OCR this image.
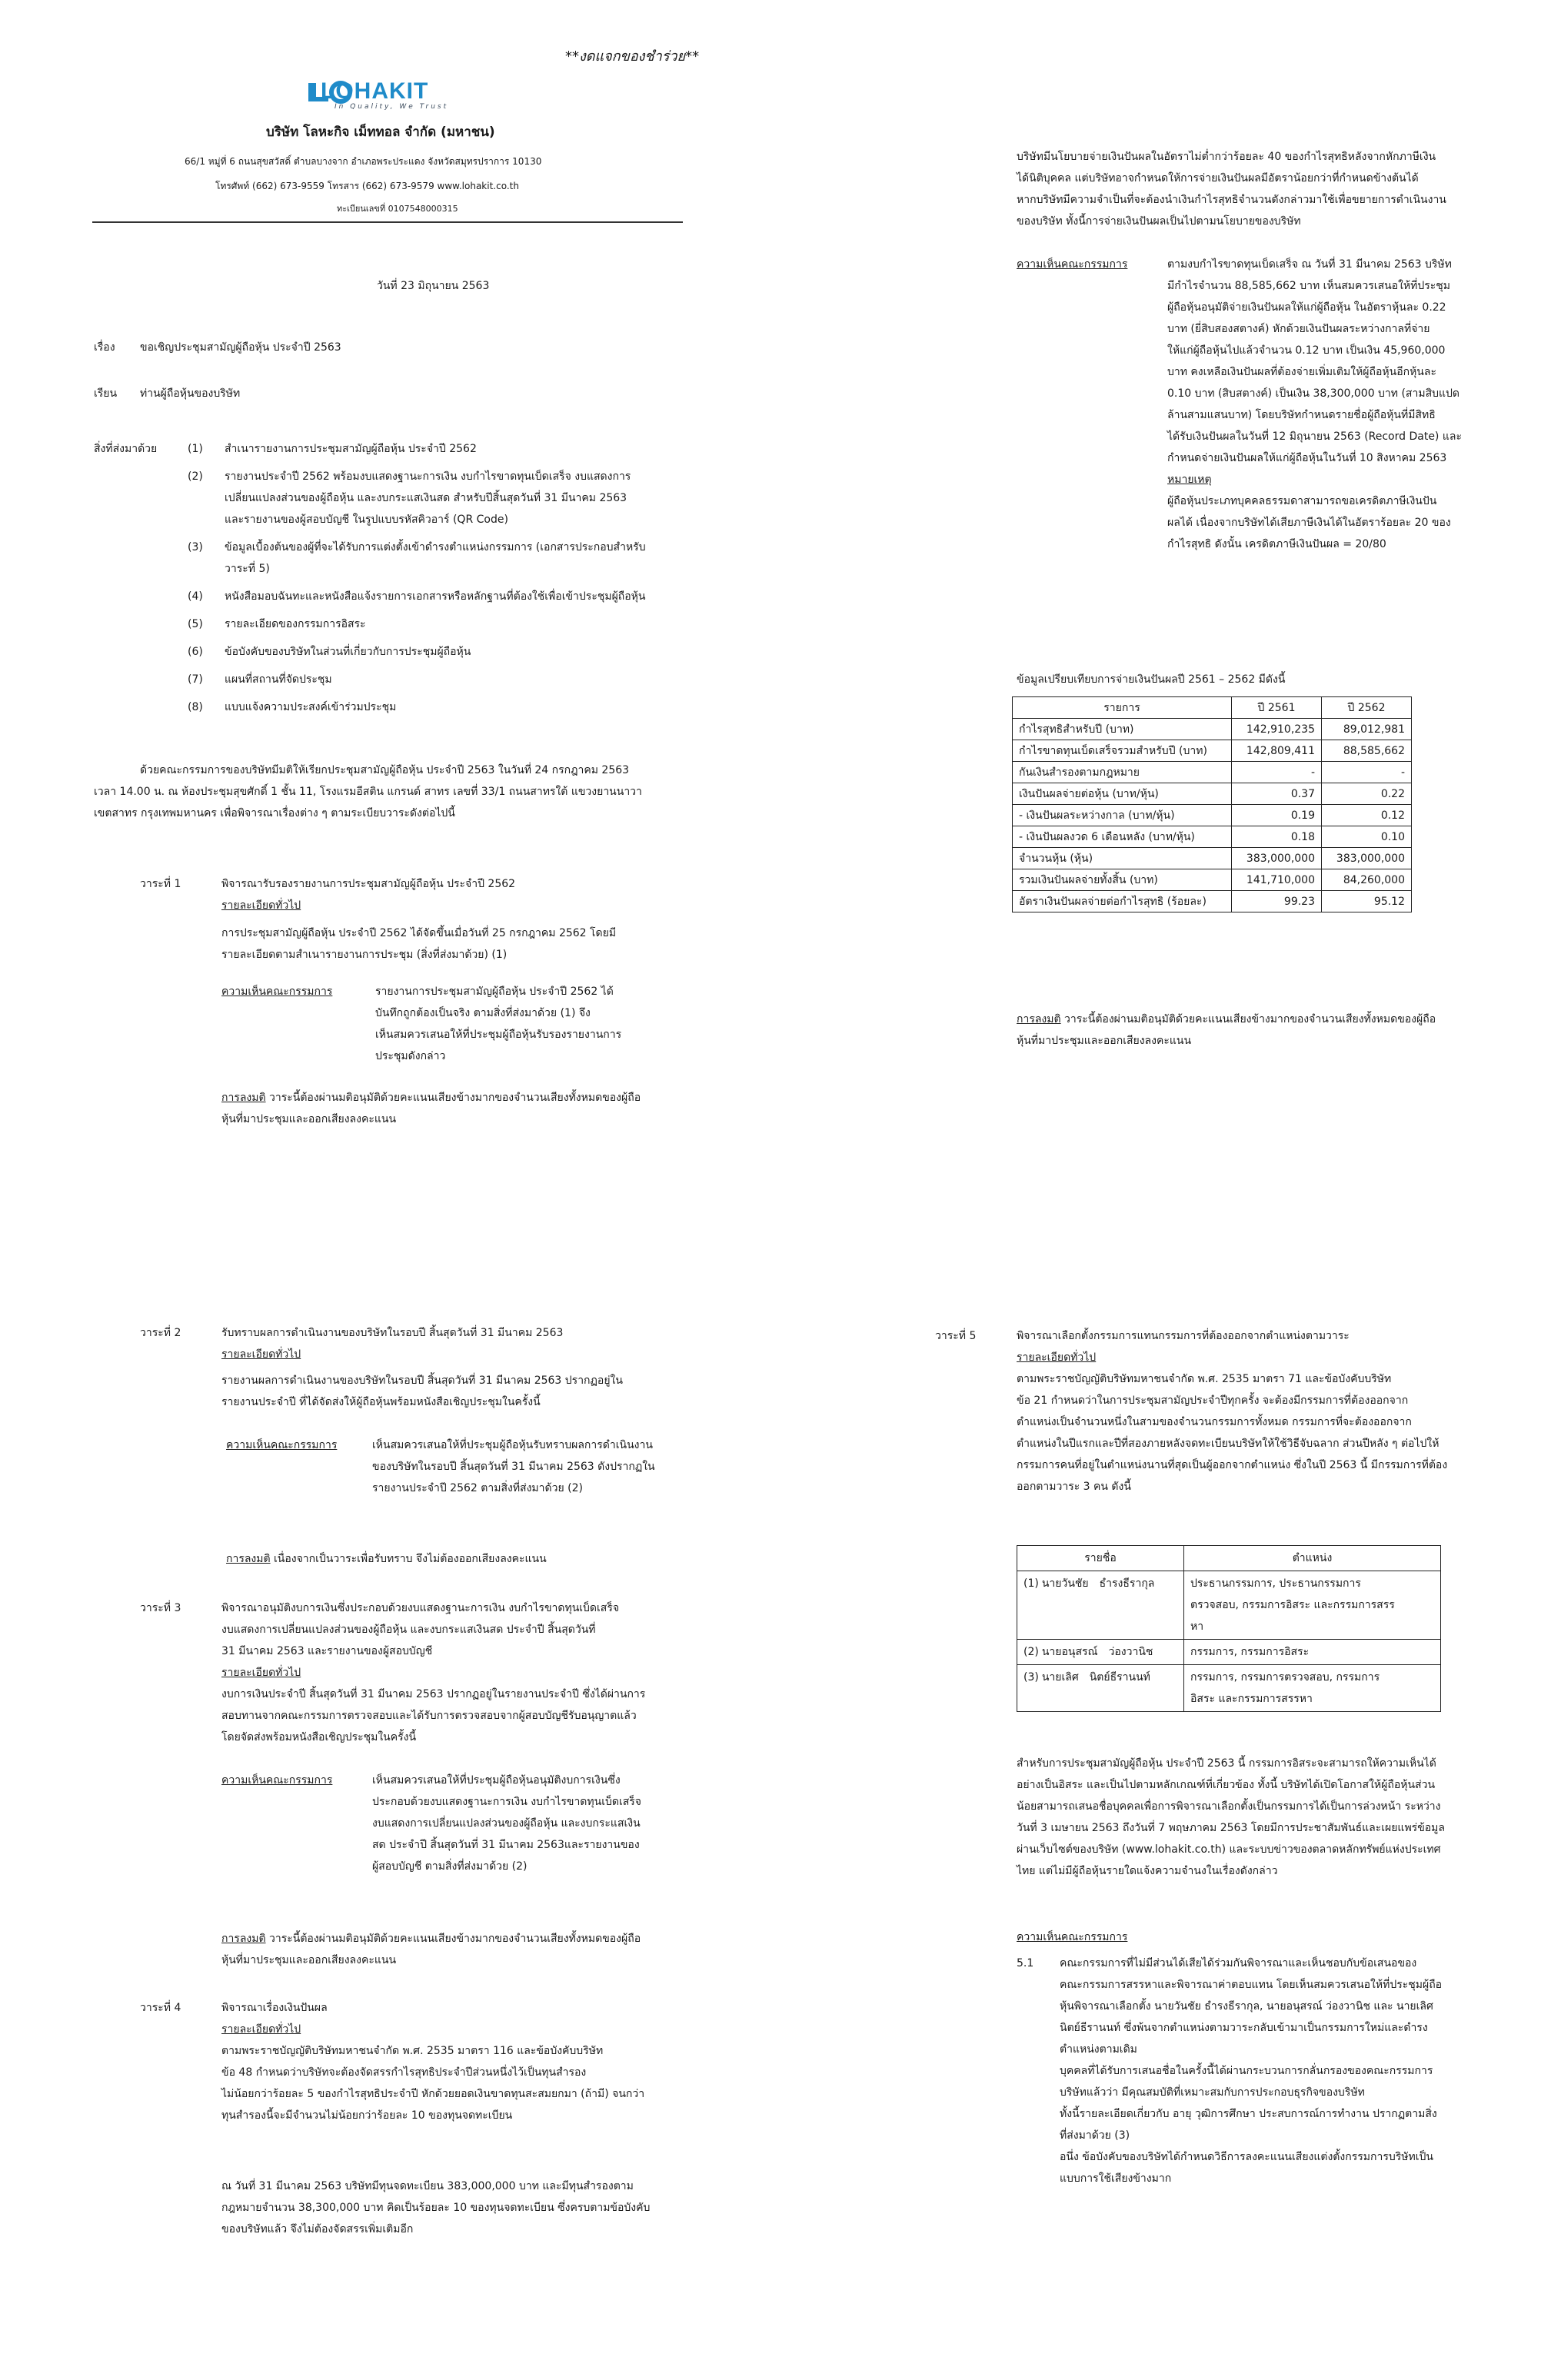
**งดแจกของชำร่วย**
LOHAKIT
In Quality, We Trust
บริษัท โลหะกิจ เม็ททอล จำกัด (มหาชน)
66/1 หมู่ที่ 6 ถนนสุขสวัสดิ์ ตำบลบางจาก อำเภอพระประแดง จังหวัดสมุทรปราการ 10130
โทรศัพท์ (662) 673-9559 โทรสาร (662) 673-9579 www.lohakit.co.th
ทะเบียนเลขที่ 0107548000315
วันที่ 23 มิถุนายน 2563
เรื่อง ขอเชิญประชุมสามัญผู้ถือหุ้น ประจำปี 2563
เรียน ท่านผู้ถือหุ้นของบริษัท
สิ่งที่ส่งมาด้วย	(1) สำเนารายงานการประชุมสามัญผู้ถือหุ้น ประจำปี 2562
(2) รายงานประจำปี 2562 พร้อมงบแสดงฐานะการเงิน งบกำไรขาดทุนเบ็ดเสร็จ งบแสดงการ
เปลี่ยนแปลงส่วนของผู้ถือหุ้น และงบกระแสเงินสด สำหรับปีสิ้นสุดวันที่ 31 มีนาคม 2563
และรายงานของผู้สอบบัญชี ในรูปแบบรหัสคิวอาร์ (QR Code)
(3) ข้อมูลเบื้องต้นของผู้ที่จะได้รับการแต่งตั้งเข้าดำรงตำแหน่งกรรมการ (เอกสารประกอบสำหรับ
วาระที่ 5)
(4) หนังสือมอบฉันทะและหนังสือแจ้งรายการเอกสารหรือหลักฐานที่ต้องใช้เพื่อเข้าประชุมผู้ถือหุ้น
(5) รายละเอียดของกรรมการอิสระ
(6) ข้อบังคับของบริษัทในส่วนที่เกี่ยวกับการประชุมผู้ถือหุ้น
(7) แผนที่สถานที่จัดประชุม
(8) แบบแจ้งความประสงค์เข้าร่วมประชุม
ด้วยคณะกรรมการของบริษัทมีมติให้เรียกประชุมสามัญผู้ถือหุ้น ประจำปี 2563 ในวันที่ 24 กรกฎาคม 2563
เวลา 14.00 น. ณ ห้องประชุมสุขศักดิ์ 1 ชั้น 11, โรงแรมอีสติน แกรนด์ สาทร เลขที่ 33/1 ถนนสาทรใต้ แขวงยานนาวา
เขตสาทร กรุงเทพมหานคร เพื่อพิจารณาเรื่องต่าง ๆ ตามระเบียบวาระดังต่อไปนี้
วาระที่ 1	พิจารณารับรองรายงานการประชุมสามัญผู้ถือหุ้น ประจำปี 2562
รายละเอียดทั่วไป
การประชุมสามัญผู้ถือหุ้น ประจำปี 2562 ได้จัดขึ้นเมื่อวันที่ 25 กรกฎาคม 2562 โดยมี
รายละเอียดตามสำเนารายงานการประชุม (สิ่งที่ส่งมาด้วย) (1)
ความเห็นคณะกรรมการ	รายงานการประชุมสามัญผู้ถือหุ้น ประจำปี 2562 ได้
บันทึกถูกต้องเป็นจริง ตามสิ่งที่ส่งมาด้วย (1) จึง
เห็นสมควรเสนอให้ที่ประชุมผู้ถือหุ้นรับรองรายงานการ
ประชุมดังกล่าว
การลงมติ วาระนี้ต้องผ่านมติอนุมัติด้วยคะแนนเสียงข้างมากของจำนวนเสียงทั้งหมดของผู้ถือ
หุ้นที่มาประชุมและออกเสียงลงคะแนน
บริษัทมีนโยบายจ่ายเงินปันผลในอัตราไม่ต่ำกว่าร้อยละ 40 ของกำไรสุทธิหลังจากหักภาษีเงิน
ได้นิติบุคคล แต่บริษัทอาจกำหนดให้การจ่ายเงินปันผลมีอัตราน้อยกว่าที่กำหนดข้างต้นได้
หากบริษัทมีความจำเป็นที่จะต้องนำเงินกำไรสุทธิจำนวนดังกล่าวมาใช้เพื่อขยายการดำเนินงาน
ของบริษัท ทั้งนี้การจ่ายเงินปันผลเป็นไปตามนโยบายของบริษัท
ความเห็นคณะกรรมการ	ตามงบกำไรขาดทุนเบ็ดเสร็จ ณ วันที่ 31 มีนาคม 2563 บริษัท
มีกำไรจำนวน 88,585,662 บาท เห็นสมควรเสนอให้ที่ประชุม
ผู้ถือหุ้นอนุมัติจ่ายเงินปันผลให้แก่ผู้ถือหุ้น ในอัตราหุ้นละ 0.22
บาท (ยี่สิบสองสตางค์) หักด้วยเงินปันผลระหว่างกาลที่จ่าย
ให้แก่ผู้ถือหุ้นไปแล้วจำนวน 0.12 บาท เป็นเงิน 45,960,000
บาท คงเหลือเงินปันผลที่ต้องจ่ายเพิ่มเติมให้ผู้ถือหุ้นอีกหุ้นละ
0.10 บาท (สิบสตางค์) เป็นเงิน 38,300,000 บาท (สามสิบแปด
ล้านสามแสนบาท) โดยบริษัทกำหนดรายชื่อผู้ถือหุ้นที่มีสิทธิ
ได้รับเงินปันผลในวันที่ 12 มิถุนายน 2563 (Record Date) และ
กำหนดจ่ายเงินปันผลให้แก่ผู้ถือหุ้นในวันที่ 10 สิงหาคม 2563
หมายเหตุ
ผู้ถือหุ้นประเภทบุคคลธรรมดาสามารถขอเครดิตภาษีเงินปัน
ผลได้ เนื่องจากบริษัทได้เสียภาษีเงินได้ในอัตราร้อยละ 20 ของ
กำไรสุทธิ ดังนั้น เครดิตภาษีเงินปันผล = 20/80
ข้อมูลเปรียบเทียบการจ่ายเงินปันผลปี 2561 – 2562 มีดังนี้
รายการ	ปี 2561	ปี 2562
กำไรสุทธิสำหรับปี (บาท)	142,910,235	89,012,981
กำไรขาดทุนเบ็ดเสร็จรวมสำหรับปี (บาท)	142,809,411	88,585,662
กันเงินสำรองตามกฎหมาย	-	-
เงินปันผลจ่ายต่อหุ้น (บาท/หุ้น)	0.37	0.22
- เงินปันผลระหว่างกาล (บาท/หุ้น)	0.19	0.12
- เงินปันผลงวด 6 เดือนหลัง (บาท/หุ้น)	0.18	0.10
จำนวนหุ้น (หุ้น)	383,000,000	383,000,000
รวมเงินปันผลจ่ายทั้งสิ้น (บาท)	141,710,000	84,260,000
อัตราเงินปันผลจ่ายต่อกำไรสุทธิ (ร้อยละ)	99.23	95.12
การลงมติ วาระนี้ต้องผ่านมติอนุมัติด้วยคะแนนเสียงข้างมากของจำนวนเสียงทั้งหมดของผู้ถือ
หุ้นที่มาประชุมและออกเสียงลงคะแนน
วาระที่ 2	รับทราบผลการดำเนินงานของบริษัทในรอบปี สิ้นสุดวันที่ 31 มีนาคม 2563
รายละเอียดทั่วไป
รายงานผลการดำเนินงานของบริษัทในรอบปี สิ้นสุดวันที่ 31 มีนาคม 2563 ปรากฏอยู่ใน
รายงานประจำปี ที่ได้จัดส่งให้ผู้ถือหุ้นพร้อมหนังสือเชิญประชุมในครั้งนี้
ความเห็นคณะกรรมการ	เห็นสมควรเสนอให้ที่ประชุมผู้ถือหุ้นรับทราบผลการดำเนินงาน
ของบริษัทในรอบปี สิ้นสุดวันที่ 31 มีนาคม 2563 ดังปรากฏใน
รายงานประจำปี 2562 ตามสิ่งที่ส่งมาด้วย (2)
การลงมติ เนื่องจากเป็นวาระเพื่อรับทราบ จึงไม่ต้องออกเสียงลงคะแนน
วาระที่ 3	พิจารณาอนุมัติงบการเงินซึ่งประกอบด้วยงบแสดงฐานะการเงิน งบกำไรขาดทุนเบ็ดเสร็จ
งบแสดงการเปลี่ยนแปลงส่วนของผู้ถือหุ้น และงบกระแสเงินสด ประจำปี สิ้นสุดวันที่
31 มีนาคม 2563 และรายงานของผู้สอบบัญชี
รายละเอียดทั่วไป
งบการเงินประจำปี สิ้นสุดวันที่ 31 มีนาคม 2563 ปรากฏอยู่ในรายงานประจำปี ซึ่งได้ผ่านการ
สอบทานจากคณะกรรมการตรวจสอบและได้รับการตรวจสอบจากผู้สอบบัญชีรับอนุญาตแล้ว
โดยจัดส่งพร้อมหนังสือเชิญประชุมในครั้งนี้
ความเห็นคณะกรรมการ	เห็นสมควรเสนอให้ที่ประชุมผู้ถือหุ้นอนุมัติงบการเงินซึ่ง
ประกอบด้วยงบแสดงฐานะการเงิน งบกำไรขาดทุนเบ็ดเสร็จ
งบแสดงการเปลี่ยนแปลงส่วนของผู้ถือหุ้น และงบกระแสเงิน
สด ประจำปี สิ้นสุดวันที่ 31 มีนาคม 2563และรายงานของ
ผู้สอบบัญชี ตามสิ่งที่ส่งมาด้วย (2)
การลงมติ วาระนี้ต้องผ่านมติอนุมัติด้วยคะแนนเสียงข้างมากของจำนวนเสียงทั้งหมดของผู้ถือ
หุ้นที่มาประชุมและออกเสียงลงคะแนน
วาระที่ 4	พิจารณาเรื่องเงินปันผล
รายละเอียดทั่วไป
ตามพระราชบัญญัติบริษัทมหาชนจำกัด พ.ศ. 2535 มาตรา 116 และข้อบังคับบริษัท
ข้อ 48 กำหนดว่าบริษัทจะต้องจัดสรรกำไรสุทธิประจำปีส่วนหนึ่งไว้เป็นทุนสำรอง
ไม่น้อยกว่าร้อยละ 5 ของกำไรสุทธิประจำปี หักด้วยยอดเงินขาดทุนสะสมยกมา (ถ้ามี) จนกว่า
ทุนสำรองนี้จะมีจำนวนไม่น้อยกว่าร้อยละ 10 ของทุนจดทะเบียน
ณ วันที่ 31 มีนาคม 2563 บริษัทมีทุนจดทะเบียน 383,000,000 บาท และมีทุนสำรองตาม
กฎหมายจำนวน 38,300,000 บาท คิดเป็นร้อยละ 10 ของทุนจดทะเบียน ซึ่งครบตามข้อบังคับ
ของบริษัทแล้ว จึงไม่ต้องจัดสรรเพิ่มเติมอีก
วาระที่ 5	พิจารณาเลือกตั้งกรรมการแทนกรรมการที่ต้องออกจากตำแหน่งตามวาระ
รายละเอียดทั่วไป
ตามพระราชบัญญัติบริษัทมหาชนจำกัด พ.ศ. 2535 มาตรา 71 และข้อบังคับบริษัท
ข้อ 21 กำหนดว่าในการประชุมสามัญประจำปีทุกครั้ง จะต้องมีกรรมการที่ต้องออกจาก
ตำแหน่งเป็นจำนวนหนึ่งในสามของจำนวนกรรมการทั้งหมด กรรมการที่จะต้องออกจาก
ตำแหน่งในปีแรกและปีที่สองภายหลังจดทะเบียนบริษัทให้ใช้วิธีจับฉลาก ส่วนปีหลัง ๆ ต่อไปให้
กรรมการคนที่อยู่ในตำแหน่งนานที่สุดเป็นผู้ออกจากตำแหน่ง ซึ่งในปี 2563 นี้ มีกรรมการที่ต้อง
ออกตามวาระ 3 คน ดังนี้
รายชื่อ	ตำแหน่ง
(1) นายวันชัย ธำรงธีรากุล	ประธานกรรมการ, ประธานกรรมการ
ตรวจสอบ, กรรมการอิสระ และกรรมการสรร
หา

(2) นายอนุสรณ์ ว่องวานิช	กรรมการ, กรรมการอิสระ

(3) นายเลิศ นิตย์ธีรานนท์	กรรมการ, กรรมการตรวจสอบ, กรรมการ
อิสระ และกรรมการสรรหา
สำหรับการประชุมสามัญผู้ถือหุ้น ประจำปี 2563 นี้ กรรมการอิสระจะสามารถให้ความเห็นได้
อย่างเป็นอิสระ และเป็นไปตามหลักเกณฑ์ที่เกี่ยวข้อง ทั้งนี้ บริษัทได้เปิดโอกาสให้ผู้ถือหุ้นส่วน
น้อยสามารถเสนอชื่อบุคคลเพื่อการพิจารณาเลือกตั้งเป็นกรรมการได้เป็นการล่วงหน้า ระหว่าง
วันที่ 3 เมษายน 2563 ถึงวันที่ 7 พฤษภาคม 2563 โดยมีการประชาสัมพันธ์และเผยแพร่ข้อมูล
ผ่านเว็บไซต์ของบริษัท (www.lohakit.co.th) และระบบข่าวของตลาดหลักทรัพย์แห่งประเทศ
ไทย แต่ไม่มีผู้ถือหุ้นรายใดแจ้งความจำนงในเรื่องดังกล่าว
ความเห็นคณะกรรมการ
5.1 คณะกรรมการที่ไม่มีส่วนได้เสียได้ร่วมกันพิจารณาและเห็นชอบกับข้อเสนอของ
คณะกรรมการสรรหาและพิจารณาค่าตอบแทน โดยเห็นสมควรเสนอให้ที่ประชุมผู้ถือ
หุ้นพิจารณาเลือกตั้ง นายวันชัย ธำรงธีรากุล, นายอนุสรณ์ ว่องวานิช และ นายเลิศ
นิตย์ธีรานนท์ ซึ่งพ้นจากตำแหน่งตามวาระกลับเข้ามาเป็นกรรมการใหม่และดำรง
ตำแหน่งตามเดิม
บุคคลที่ได้รับการเสนอชื่อในครั้งนี้ได้ผ่านกระบวนการกลั่นกรองของคณะกรรมการ
บริษัทแล้วว่า มีคุณสมบัติที่เหมาะสมกับการประกอบธุรกิจของบริษัท
ทั้งนี้รายละเอียดเกี่ยวกับ อายุ วุฒิการศึกษา ประสบการณ์การทำงาน ปรากฏตามสิ่ง
ที่ส่งมาด้วย (3)
อนึ่ง ข้อบังคับของบริษัทได้กำหนดวิธีการลงคะแนนเสียงแต่งตั้งกรรมการบริษัทเป็น
แบบการใช้เสียงข้างมาก
